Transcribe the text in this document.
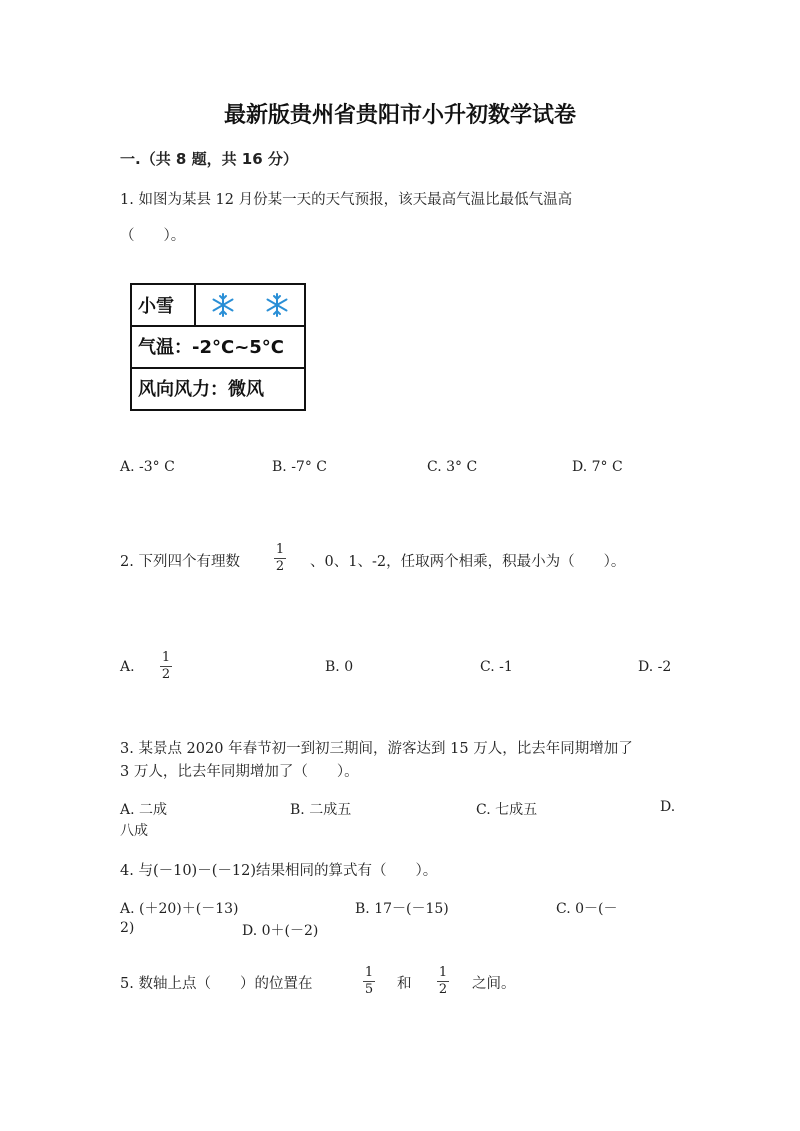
最新版贵州省贵阳市小升初数学试卷
一.（共 8 题，共 16 分）
1. 如图为某县 12 月份某一天的天气预报，该天最高气温比最低气温高
（　　）。
小雪
气温：-2°C~5°C
风向风力：微风
A. -3° C	B. -7° C	C. 3° C	D. 7° C
2. 下列四个有理数
1
2 、0、1、-2，任取两个相乘，积最小为（　　）。
A.
1
2	B. 0	C. -1	D. -2
3. 某景点 2020 年春节初一到初三期间，游客达到 15 万人，比去年同期增加了
3 万人，比去年同期增加了（　　）。
A. 二成	B. 二成五	C. 七成五	D.
八成
4. 与(－10)－(－12)结果相同的算式有（　　）。
A. (＋20)＋(－13)	B. 17－(－15)	C. 0－(－
2)	D. 0＋(－2)
5. 数轴上点（　　）的位置在
1
5 和
1
2 之间。
